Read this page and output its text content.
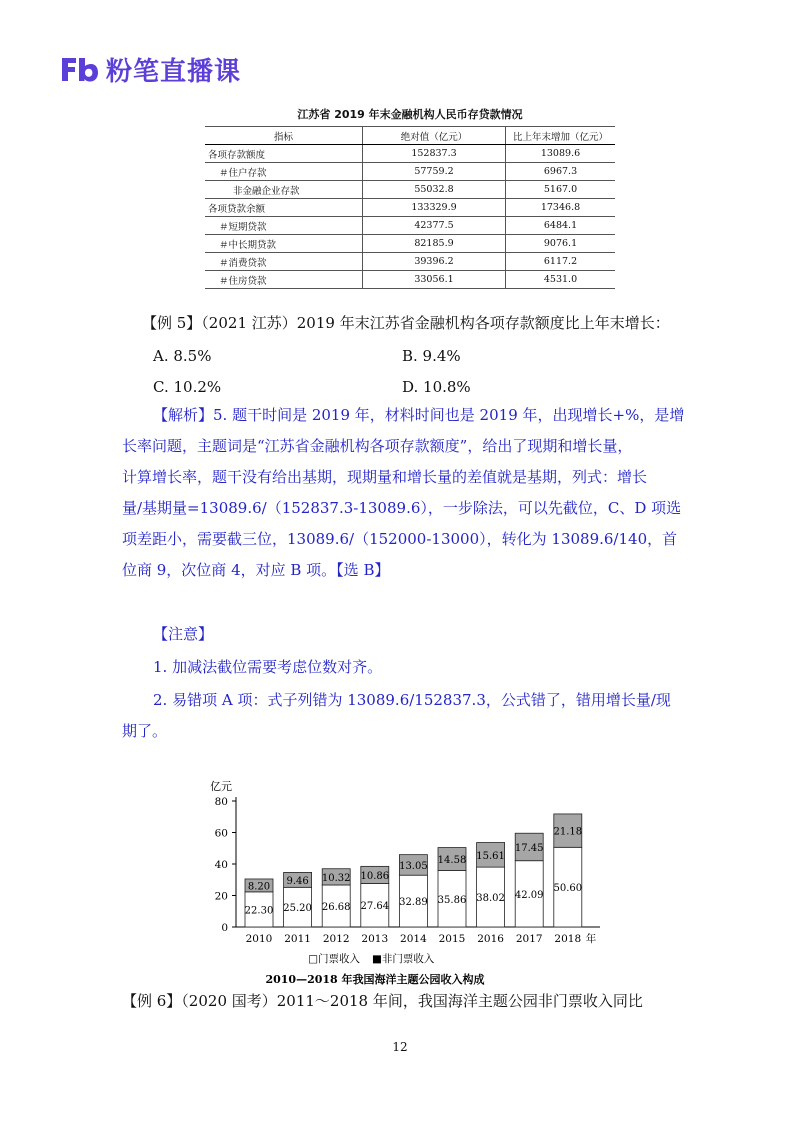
粉笔直播课
江苏省 2019 年末金融机构人民币存贷款情况
指标	绝对值（亿元）	比上年末增加（亿元）
各项存款额度	152837.3	13089.6
＃住户存款	57759.2	6967.3
非金融企业存款	55032.8	5167.0
各项贷款余额	133329.9	17346.8
＃短期贷款	42377.5	6484.1
＃中长期贷款	82185.9	9076.1
＃消费贷款	39396.2	6117.2
＃住房贷款	33056.1	4531.0

【例 5】（2021 江苏）2019 年末江苏省金融机构各项存款额度比上年末增长：

A. 8.5%	B. 9.4%
C. 10.2%	D. 10.8%

【解析】5. 题干时间是 2019 年，材料时间也是 2019 年，出现增长+%，是增

长率问题，主题词是“江苏省金融机构各项存款额度”，给出了现期和增长量，

计算增长率，题干没有给出基期，现期量和增长量的差值就是基期，列式：增长

量/基期量=13089.6/（152837.3-13089.6），一步除法，可以先截位，C、D 项选

项差距小，需要截三位，13089.6/（152000-13000），转化为 13089.6/140，首

位商 9，次位商 4，对应 B 项。【选 B】

【注意】

1. 加减法截位需要考虑位数对齐。

2. 易错项 A 项：式子列错为 13089.6/152837.3，公式错了，错用增长量/现

期了。

亿元
0
20
40
60
80
22.30
8.20
2010
25.20
9.46
2011
26.68
10.32
2012
27.64
10.86
2013
32.89
13.05
2014
35.86
14.58
2015
38.02
15.61
2016
42.09
17.45
2017
50.60
21.18
2018 年
□门票收入 ■非门票收入
2010—2018 年我国海洋主题公园收入构成

【例 6】（2020 国考）2011～2018 年间，我国海洋主题公园非门票收入同比

12
